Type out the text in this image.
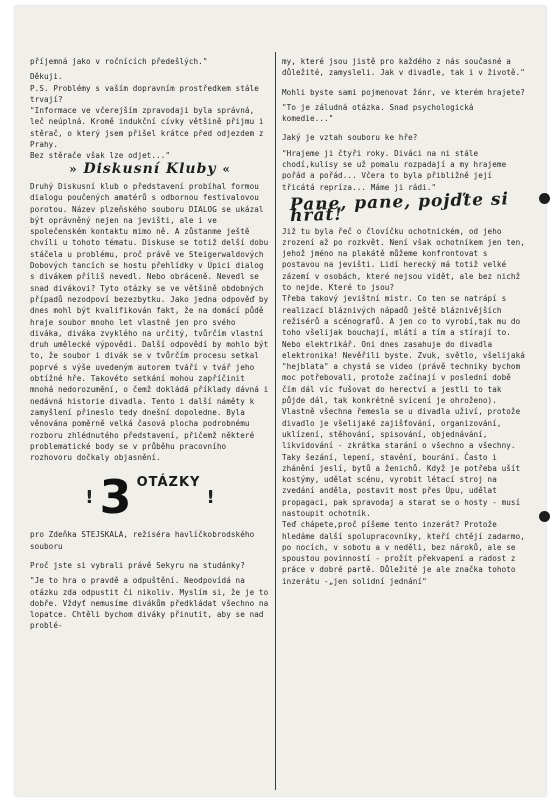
příjemná jako v ročnících předešlých."

Děkuji.
P.S. Problémy s vaším dopravním prostředkem stále trvají?

"Informace ve včerejším zpravodaji byla správná, leč neúplná. Kromě indukční cívky většině přijmu i stěrač, o který jsem přišel krátce před odjezdem z Prahy.
Bez stěrače však lze odjet..."

» Diskusní Kluby «

Druhý Diskusní klub o představení probíhal formou dialogu poučených amatérů s odbornou festivalovou porotou. Název plzeňského souboru DIALOG se ukázal být oprávněný nejen na jevišti, ale i ve společenském kontaktu mimo ně. A zůstanme ještě chvíli u tohoto tématu. Diskuse se totiž delší dobu stáčela u problému, proč právě ve Steigerwaldových Dobových tancích se hostu přehlídky v Úpici dialog s divákem příliš nevedl. Nebo obráceně. Nevedl se snad divákovi? Tyto otázky se ve většině obdobných případů nezodpoví bezezbytku. Jako jedna odpověď by dnes mohl být kvalifikován fakt, že na domácí půdě hraje soubor mnoho let vlastně jen pro svého diváka, diváka zvyklého na určitý, tvůrčím vlastní druh umělecké výpovědi. Další odpovědí by mohlo být to, že soubor i divák se v tvůrčím procesu setkal poprvé s výše uvedeným autorem tváří v tvář jeho obtížné hře. Takovéto setkání mohou zapříčinit mnohá nedorozumění, o čemž dokládá příklady dávná i nedávná historie divadla. Tento i další náměty k zamyšlení přineslo tedy dnešní dopoledne. Byla věnována poměrně velká časová plocha podrobnému rozboru zhlédnutého představení, přičemž některé problematické body se v průběhu pracovního rozhovoru dočkaly objasnění.

! 3 OTÁZKY
!

pro Zdeňka STEJSKALA, režiséra havlíčkobrodského souboru

Proč jste si vybrali právě Sekyru na studánky?

"Je to hra o pravdě a odpuštění. Neodpovídá na otázku zda odpustit či nikoliv. Myslím si, že je to dobře. Vždyť nemusíme divákům předkládat všechno na lopatce. Chtěli bychom diváky přinutit, aby se nad problé-

my, které jsou jistě pro každého z nás současné a důležité, zamysleli. Jak v divadle, tak i v životě."

Mohli byste sami pojmenovat žánr, ve kterém hrajete?

"To je záludná otázka. Snad psychologická komedie..."

Jaký je vztah souboru ke hře?

"Hrajeme ji čtyři roky. Diváci na ni stále chodí,kulisy se už pomalu rozpadají a my hrajeme pořád a pořád... Včera to byla přibližně její třicátá repríza... Máme ji rádi."

Pane, pane, pojďte si hrát!

Již tu byla řeč o človíčku ochotnickém, od jeho zrození až po rozkvět. Není však ochotníkem jen ten, jehož jméno na plakátě můžeme konfrontovat s postavou na jevišti. Lidí herecký má totiž velké zázemí v osobách, které nejsou vidět, ale bez nichž to nejde. Které to jsou?

Třeba takový jevištní mistr. Co ten se natrápí s realizací bláznivých nápadů ještě bláznivějších režisérů a scénografů. A jen co to vyrobí,tak mu do toho všelijak bouchají, mlátí a tím a stírají to. Nebo elektrikář. Oni dnes zasahuje do divadla elektronika! Nevěřili byste. Zvuk, světlo, všelijaká "hejblata" a chystá se video (právě techniky bychom moc potřebovali, protože začínají v poslední době čím dál víc fušovat do herectví a jestli to tak půjde dál, tak konkrétně svícení je ohroženo).

Vlastně všechna řemesla se u divadla uživí, protože divadlo je všelijaké zajišťování, organizování, uklízení, stěhování, spisování, objednávání, likvidování - zkrátka starání o všechno a všechny. Taky šezání, lepení, stavění, bourání. Často i zhánění jeslí, bytů a ženichů. Když je potřeba ušít kostýmy, udělat scénu, vyrobit létací stroj na zvedání anděla, postavit most přes Úpu, udělat propagaci, pak spravodaj a starat se o hosty - musí nastoupit ochotník.

Teď chápete,proč píšeme tento inzerát? Protože hledáme další spolupracovníky, kteří chtějí zadarmo, po nocích, v sobotu a v neděli, bez nároků, ale se spoustou povinností - prožít překvapení a radost z práce v dobré partě. Důležité je ale značka tohoto inzerátu -„jen solidní jednání"
